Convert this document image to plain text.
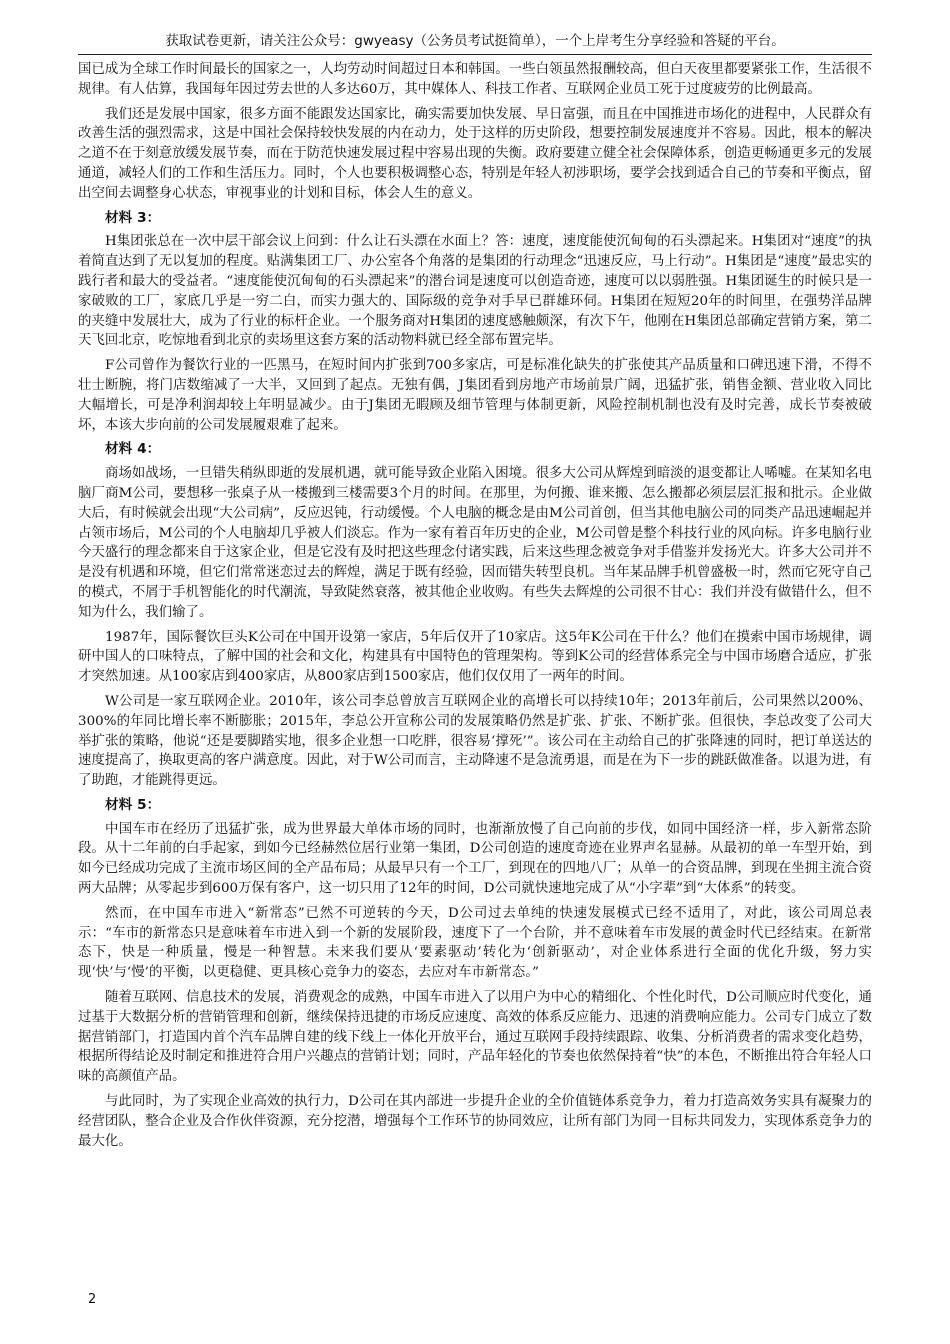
获取试卷更新，请关注公众号：gwyeasy（公务员考试挺简单），一个上岸考生分享经验和答疑的平台。

国已成为全球工作时间最长的国家之一，人均劳动时间超过日本和韩国。一些白领虽然报酬较高，但白天夜里都要紧张工作，生活很不规律。有人估算，我国每年因过劳去世的人多达60万，其中媒体人、科技工作者、互联网企业员工死于过度疲劳的比例最高。

我们还是发展中国家，很多方面不能跟发达国家比，确实需要加快发展、早日富强，而且在中国推进市场化的进程中，人民群众有改善生活的强烈需求，这是中国社会保持较快发展的内在动力，处于这样的历史阶段，想要控制发展速度并不容易。因此，根本的解决之道不在于刻意放缓发展节奏，而在于防范快速发展过程中容易出现的失衡。政府要建立健全社会保障体系，创造更畅通更多元的发展通道，减轻人们的工作和生活压力。同时，个人也要积极调整心态，特别是年轻人初涉职场，要学会找到适合自己的节奏和平衡点，留出空间去调整身心状态，审视事业的计划和目标，体会人生的意义。

材料 3：

H集团张总在一次中层干部会议上问到：什么让石头漂在水面上？答：速度，速度能使沉甸甸的石头漂起来。H集团对“速度”的执着简直达到了无以复加的程度。贴满集团工厂、办公室各个角落的是集团的行动理念“迅速反应，马上行动”。H集团是“速度”最忠实的践行者和最大的受益者。“速度能使沉甸甸的石头漂起来”的潜台词是速度可以创造奇迹，速度可以以弱胜强。H集团诞生的时候只是一家破败的工厂，家底几乎是一穷二白，而实力强大的、国际级的竞争对手早已群雄环伺。H集团在短短20年的时间里，在强势洋品牌的夹缝中发展壮大，成为了行业的标杆企业。一个服务商对H集团的速度感触颇深，有次下午，他刚在H集团总部确定营销方案，第二天飞回北京，吃惊地看到北京的卖场里这套方案的活动物料就已经全部布置完毕。

F公司曾作为餐饮行业的一匹黑马，在短时间内扩张到700多家店，可是标准化缺失的扩张使其产品质量和口碑迅速下滑，不得不壮士断腕，将门店数缩减了一大半，又回到了起点。无独有偶，J集团看到房地产市场前景广阔，迅猛扩张，销售金额、营业收入同比大幅增长，可是净利润却较上年明显减少。由于J集团无暇顾及细节管理与体制更新，风险控制机制也没有及时完善，成长节奏被破坏，本该大步向前的公司发展履艰难了起来。

材料 4：

商场如战场，一旦错失稍纵即逝的发展机遇，就可能导致企业陷入困境。很多大公司从辉煌到暗淡的退变都让人唏嘘。在某知名电脑厂商M公司，要想移一张桌子从一楼搬到三楼需要3个月的时间。在那里，为何搬、谁来搬、怎么搬都必须层层汇报和批示。企业做大后，有时候就会出现“大公司病”，反应迟钝，行动缓慢。个人电脑的概念是由M公司首创，但当其他电脑公司的同类产品迅速崛起并占领市场后，M公司的个人电脑却几乎被人们淡忘。作为一家有着百年历史的企业，M公司曾是整个科技行业的风向标。许多电脑行业今天盛行的理念都来自于这家企业，但是它没有及时把这些理念付诸实践，后来这些理念被竞争对手借鉴并发扬光大。许多大公司并不是没有机遇和环境，但它们常常迷恋过去的辉煌，满足于既有经验，因而错失转型良机。当年某品牌手机曾盛极一时，然而它死守自己的模式，不屑于手机智能化的时代潮流，导致陡然衰落，被其他企业收购。有些失去辉煌的公司很不甘心：我们并没有做错什么，但不知为什么，我们输了。

1987年，国际餐饮巨头K公司在中国开设第一家店，5年后仅开了10家店。这5年K公司在干什么？他们在摸索中国市场规律，调研中国人的口味特点，了解中国的社会和文化，构建具有中国特色的管理架构。等到K公司的经营体系完全与中国市场磨合适应，扩张才突然加速。从100家店到400家店，从800家店到1500家店，他们仅仅用了一两年的时间。

W公司是一家互联网企业。2010年，该公司李总曾放言互联网企业的高增长可以持续10年；2013年前后，公司果然以200%、300%的年同比增长率不断膨胀；2015年，李总公开宣称公司的发展策略仍然是扩张、扩张、不断扩张。但很快，李总改变了公司大举扩张的策略，他说“还是要脚踏实地，很多企业想一口吃胖，很容易‘撑死’”。该公司在主动给自己的扩张降速的同时，把订单送达的速度提高了，换取更高的客户满意度。因此，对于W公司而言，主动降速不是急流勇退，而是在为下一步的跳跃做准备。以退为进，有了助跑，才能跳得更远。

材料 5：

中国车市在经历了迅猛扩张，成为世界最大单体市场的同时，也渐渐放慢了自己向前的步伐，如同中国经济一样，步入新常态阶段。从十二年前的白手起家，到如今已经赫然位居行业第一集团，D公司创造的速度奇迹在业界声名显赫。从最初的单一车型开始，到如今已经成功完成了主流市场区间的全产品布局；从最早只有一个工厂，到现在的四地八厂；从单一的合资品牌，到现在坐拥主流合资两大品牌；从零起步到600万保有客户，这一切只用了12年的时间，D公司就快速地完成了从“小字辈”到“大体系”的转变。

然而，在中国车市进入“新常态”已然不可逆转的今天，D公司过去单纯的快速发展模式已经不适用了，对此，该公司周总表示：“车市的新常态只是意味着车市进入到一个新的发展阶段，速度下了一个台阶，并不意味着车市发展的黄金时代已经结束。在新常态下，快是一种质量，慢是一种智慧。未来我们要从‘要素驱动’转化为‘创新驱动’，对企业体系进行全面的优化升级，努力实现‘快’与‘慢’的平衡，以更稳健、更具核心竞争力的姿态，去应对车市新常态。”

随着互联网、信息技术的发展，消费观念的成熟，中国车市进入了以用户为中心的精细化、个性化时代，D公司顺应时代变化，通过基于大数据分析的营销管理和创新，继续保持迅捷的市场反应速度、高效的体系反应能力、迅速的消费响应能力。公司专门成立了数据营销部门，打造国内首个汽车品牌自建的线下线上一体化开放平台，通过互联网手段持续跟踪、收集、分析消费者的需求变化趋势，根据所得结论及时制定和推进符合用户兴趣点的营销计划；同时，产品年轻化的节奏也依然保持着“快”的本色，不断推出符合年轻人口味的高颜值产品。

与此同时，为了实现企业高效的执行力，D公司在其内部进一步提升企业的全价值链体系竞争力，着力打造高效务实具有凝聚力的经营团队，整合企业及合作伙伴资源，充分挖潜，增强每个工作环节的协同效应，让所有部门为同一目标共同发力，实现体系竞争力的最大化。

2
